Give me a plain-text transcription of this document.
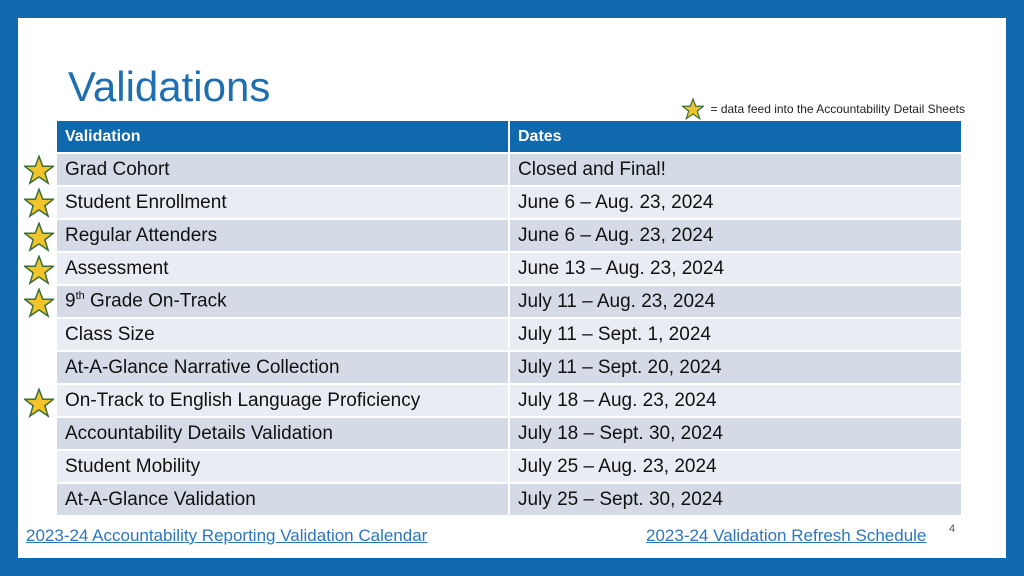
Validations	= data feed into the Accountability Detail Sheets
Validation	Dates
Grad Cohort	Closed and Final!
Student Enrollment	June 6 – Aug. 23, 2024
Regular Attenders	June 6 – Aug. 23, 2024
Assessment	June 13 – Aug. 23, 2024
9th Grade On-Track	July 11 – Aug. 23, 2024
Class Size	July 11 – Sept. 1, 2024
At-A-Glance Narrative Collection	July 11 – Sept. 20, 2024
On-Track to English Language Proficiency	July 18 – Aug. 23, 2024
Accountability Details Validation	July 18 – Sept. 30, 2024
Student Mobility	July 25 – Aug. 23, 2024
At-A-Glance Validation	July 25 – Sept. 30, 2024
2023-24 Accountability Reporting Validation Calendar	2023-24 Validation Refresh Schedule 4
